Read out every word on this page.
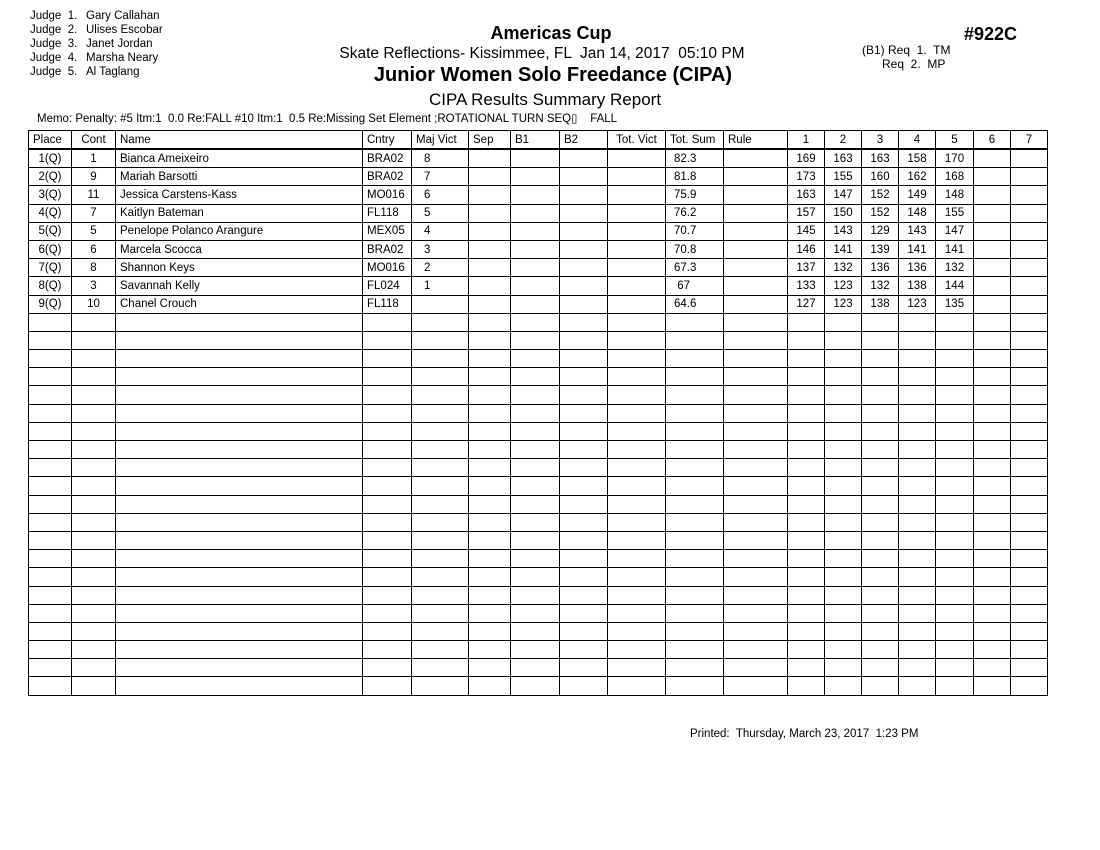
Judge  1. Gary Callahan
Judge  2. Ulises Escobar
Judge  3. Janet Jordan
Judge  4. Marsha Neary
Judge  5. Al Taglang
Americas Cup
Skate Reflections- Kissimmee, FL  Jan 14, 2017  05:10 PM
Junior Women Solo Freedance (CIPA)
CIPA Results Summary Report
#922C
(B1) Req  1.  TM
Req  2.  MP
Memo: Penalty: #5 Itm:1  0.0 Re:FALL #10 Itm:1  0.5 Re:Missing Set Element ;ROTATIONAL TURN SEQ▯    FALL
Place	Cont	Name	Cntry	Maj Vict	Sep	B1	B2	Tot. Vict	Tot. Sum	Rule	1	2	3	4	5	6	7
1(Q)	1	Bianca Ameixeiro	BRA02	8					82.3		169	163	163	158	170		
2(Q)	9	Mariah Barsotti	BRA02	7					81.8		173	155	160	162	168		
3(Q)	11	Jessica Carstens-Kass	MO016	6					75.9		163	147	152	149	148		
4(Q)	7	Kaitlyn Bateman	FL118	5					76.2		157	150	152	148	155		
5(Q)	5	Penelope Polanco Arangure	MEX05	4					70.7		145	143	129	143	147		
6(Q)	6	Marcela Scocca	BRA02	3					70.8		146	141	139	141	141		
7(Q)	8	Shannon Keys	MO016	2					67.3		137	132	136	136	132		
8(Q)	3	Savannah Kelly	FL024	1					67		133	123	132	138	144		
9(Q)	10	Chanel Crouch	FL118						64.6		127	123	138	123	135		

Printed:  Thursday, March 23, 2017  1:23 PM
